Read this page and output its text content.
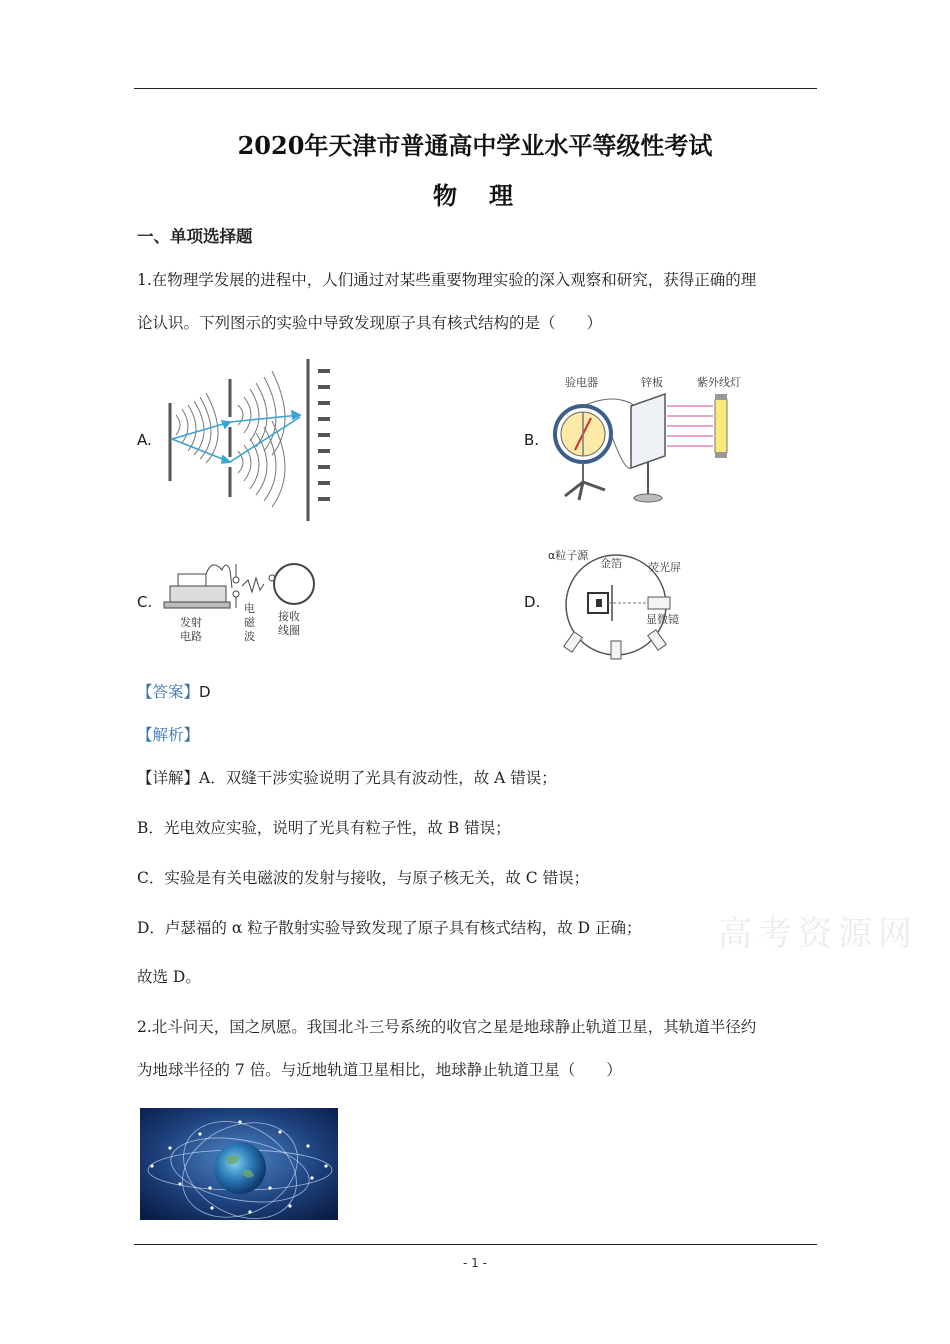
2020年天津市普通高中学业水平等级性考试
物　理
一、单项选择题
1.在物理学发展的进程中，人们通过对某些重要物理实验的深入观察和研究，获得正确的理
论认识。下列图示的实验中导致发现原子具有核式结构的是（　　）
A.	B.
C.	D.
验电器	锌板	紫外线灯
发射
电路
电
磁
波
接收
线圈
α粒子源
金箔 荧光屏
显微镜
【答案】D
【解析】
【详解】A．双缝干涉实验说明了光具有波动性，故 A 错误；
B．光电效应实验，说明了光具有粒子性，故 B 错误；
C．实验是有关电磁波的发射与接收，与原子核无关，故 C 错误；
D．卢瑟福的 α 粒子散射实验导致发现了原子具有核式结构，故 D 正确；
故选 D。
高考资源网
2.北斗问天，国之夙愿。我国北斗三号系统的收官之星是地球静止轨道卫星，其轨道半径约
为地球半径的 7 倍。与近地轨道卫星相比，地球静止轨道卫星（　　）
- 1 -
